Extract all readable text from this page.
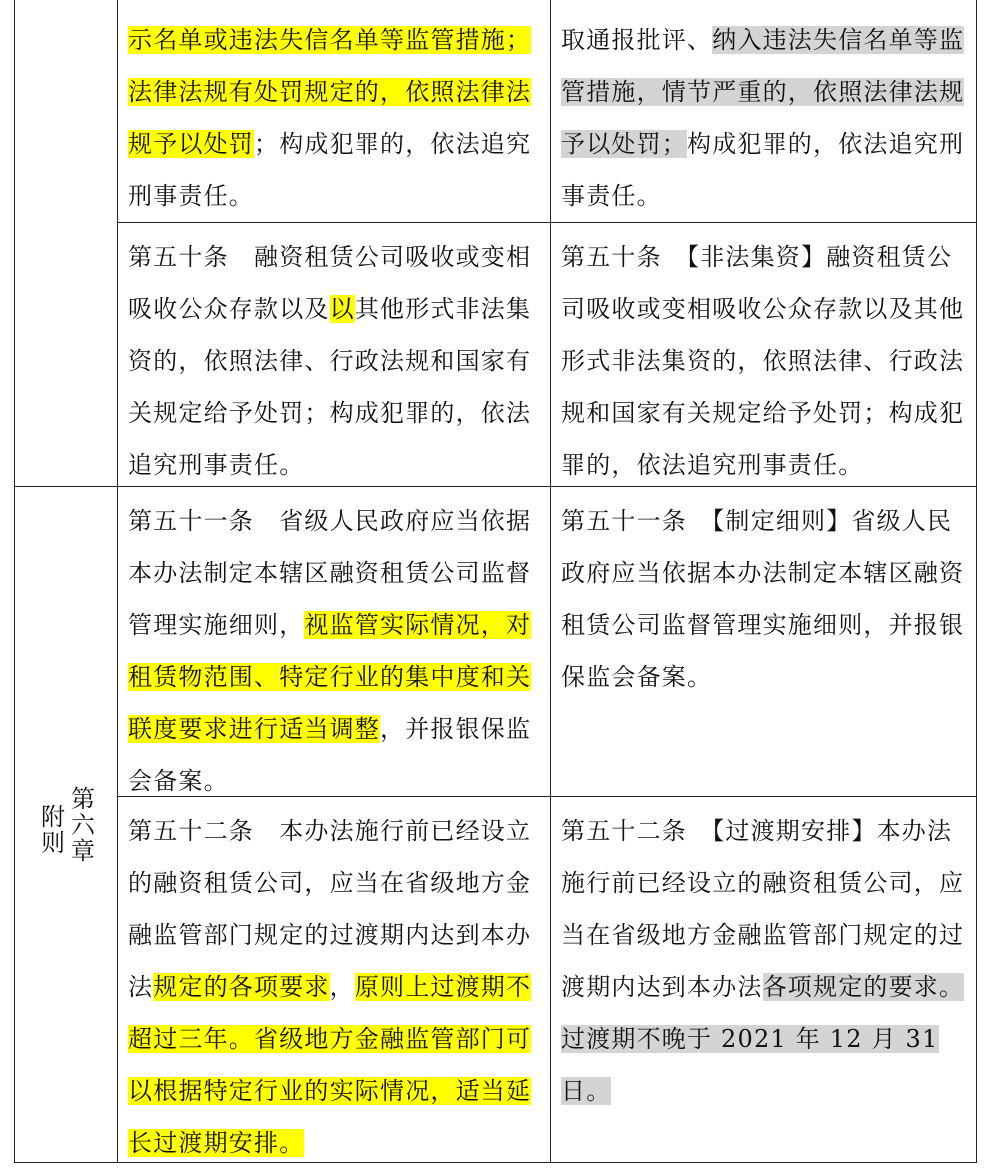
第六章
附则

示名单或违法失信名单等监管措施；法律法规有处罚规定的，依照法律法规予以处罚；构成犯罪的，依法追究刑事责任。

取通报批评、纳入违法失信名单等监管措施，情节严重的，依照法律法规予以处罚；构成犯罪的，依法追究刑事责任。

第五十条　融资租赁公司吸收或变相吸收公众存款以及以其他形式非法集资的，依照法律、行政法规和国家有关规定给予处罚；构成犯罪的，依法追究刑事责任。

第五十条　【非法集资】融资租赁公司吸收或变相吸收公众存款以及其他形式非法集资的，依照法律、行政法规和国家有关规定给予处罚；构成犯罪的，依法追究刑事责任。

第五十一条　省级人民政府应当依据本办法制定本辖区融资租赁公司监督管理实施细则，视监管实际情况，对租赁物范围、特定行业的集中度和关联度要求进行适当调整，并报银保监会备案。

第五十一条　【制定细则】省级人民政府应当依据本办法制定本辖区融资租赁公司监督管理实施细则，并报银保监会备案。

第五十二条　本办法施行前已经设立的融资租赁公司，应当在省级地方金融监管部门规定的过渡期内达到本办法规定的各项要求，原则上过渡期不超过三年。省级地方金融监管部门可以根据特定行业的实际情况，适当延长过渡期安排。

第五十二条　【过渡期安排】本办法施行前已经设立的融资租赁公司，应当在省级地方金融监管部门规定的过渡期内达到本办法各项规定的要求。过渡期不晚于 2021 年 12 月 31 日。
